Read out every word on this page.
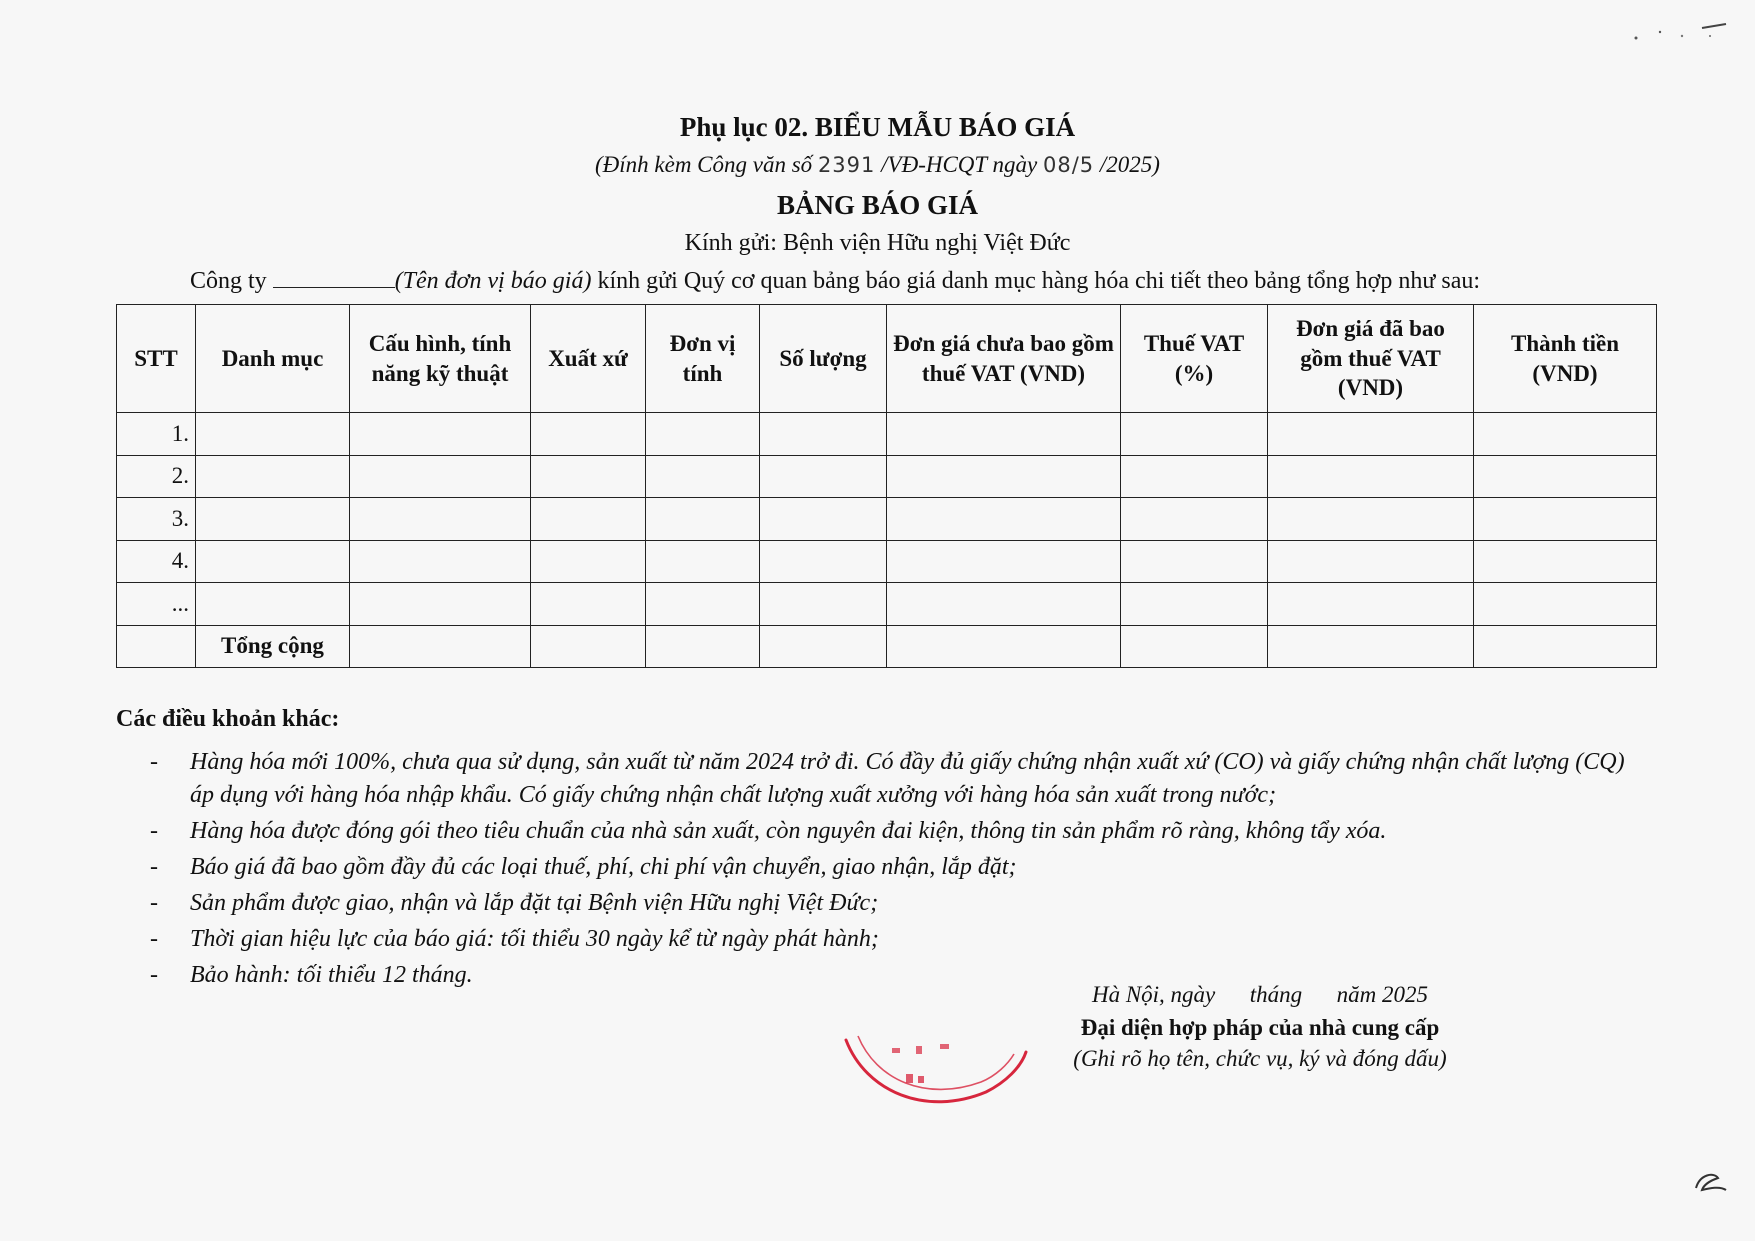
Phụ lục 02. BIỂU MẪU BÁO GIÁ
(Đính kèm Công văn số 2391 /VĐ-HCQT ngày 08/5 /2025)
BẢNG BÁO GIÁ
Kính gửi: Bệnh viện Hữu nghị Việt Đức
Công ty	(Tên đơn vị báo giá) kính gửi Quý cơ quan bảng báo giá danh mục hàng hóa chi tiết theo bảng tổng hợp như sau:
STT	Danh mục	Cấu hình, tính năng kỹ thuật	Xuất xứ	Đơn vị tính	Số lượng	Đơn giá chưa bao gồm thuế VAT (VND)	Thuế VAT (%)	Đơn giá đã bao gồm thuế VAT (VND)	Thành tiền (VND)
1.									
2.									
3.									
4.									
...									
	Tổng cộng								
Các điều khoản khác:
- Hàng hóa mới 100%, chưa qua sử dụng, sản xuất từ năm 2024 trở đi. Có đầy đủ giấy chứng nhận xuất xứ (CO) và giấy chứng nhận chất lượng (CQ) áp dụng với hàng hóa nhập khẩu. Có giấy chứng nhận chất lượng xuất xưởng với hàng hóa sản xuất trong nước;
- Hàng hóa được đóng gói theo tiêu chuẩn của nhà sản xuất, còn nguyên đai kiện, thông tin sản phẩm rõ ràng, không tẩy xóa.
- Báo giá đã bao gồm đầy đủ các loại thuế, phí, chi phí vận chuyển, giao nhận, lắp đặt;
- Sản phẩm được giao, nhận và lắp đặt tại Bệnh viện Hữu nghị Việt Đức;
- Thời gian hiệu lực của báo giá: tối thiểu 30 ngày kể từ ngày phát hành;
- Bảo hành: tối thiểu 12 tháng.
Hà Nội, ngày      tháng      năm 2025
Đại diện hợp pháp của nhà cung cấp
(Ghi rõ họ tên, chức vụ, ký và đóng dấu)
